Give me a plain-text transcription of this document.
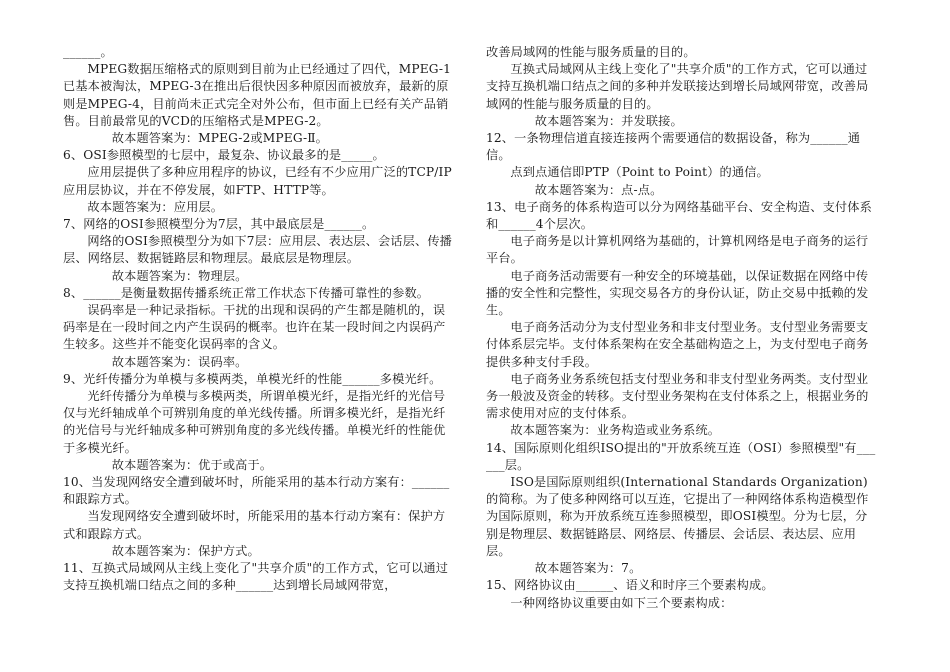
______。

MPEG数据压缩格式的原则到目前为止已经通过了四代，MPEG-1已基本被淘汰，MPEG-3在推出后很快因多种原因而被放弃，最新的原则是MPEG-4，目前尚未正式完全对外公布，但市面上已经有关产品销售。目前最常见的VCD的压缩格式是MPEG-2。

故本题答案为：MPEG-2或MPEG-Ⅱ。

6、OSI参照模型的七层中，最复杂、协议最多的是_____。

应用层提供了多种应用程序的协议，已经有不少应用广泛的TCP/IP应用层协议，并在不停发展，如FTP、HTTP等。

故本题答案为：应用层。

7、网络的OSI参照模型分为7层，其中最底层是______。

网络的OSI参照模型分为如下7层：应用层、表达层、会话层、传播层、网络层、数据链路层和物理层。最底层是物理层。

故本题答案为：物理层。

8、______是衡量数据传播系统正常工作状态下传播可靠性的参数。

误码率是一种记录指标。干扰的出现和误码的产生都是随机的，误码率是在一段时间之内产生误码的概率。也许在某一段时间之内误码产生较多。这些并不能变化误码率的含义。

故本题答案为：误码率。

9、光纤传播分为单模与多模两类，单模光纤的性能______多模光纤。

光纤传播分为单模与多模两类，所谓单模光纤，是指光纤的光信号仅与光纤轴成单个可辨别角度的单光线传播。所谓多模光纤，是指光纤的光信号与光纤轴成多种可辨别角度的多光线传播。单模光纤的性能优于多模光纤。

故本题答案为：优于或高于。

10、当发现网络安全遭到破坏时，所能采用的基本行动方案有：______和跟踪方式。

当发现网络安全遭到破坏时，所能采用的基本行动方案有：保护方式和跟踪方式。

故本题答案为：保护方式。

11、互换式局域网从主线上变化了"共享介质"的工作方式，它可以通过支持互换机端口结点之间的多种______达到增长局域网带宽，

改善局域网的性能与服务质量的目的。

互换式局域网从主线上变化了"共享介质"的工作方式，它可以通过支持互换机端口结点之间的多种并发联接达到增长局域网带宽，改善局域网的性能与服务质量的目的。

故本题答案为：并发联接。

12、一条物理信道直接连接两个需要通信的数据设备，称为______通信。

点到点通信即PTP（Point to Point）的通信。

故本题答案为：点-点。

13、电子商务的体系构造可以分为网络基础平台、安全构造、支付体系和______4个层次。

电子商务是以计算机网络为基础的，计算机网络是电子商务的运行平台。

电子商务活动需要有一种安全的环境基础，以保证数据在网络中传播的安全性和完整性，实现交易各方的身份认证，防止交易中抵赖的发生。

电子商务活动分为支付型业务和非支付型业务。支付型业务需要支付体系层完毕。支付体系架构在安全基础构造之上，为支付型电子商务提供多种支付手段。

电子商务业务系统包括支付型业务和非支付型业务两类。支付型业务一般波及资金的转移。支付型业务架构在支付体系之上，根据业务的需求使用对应的支付体系。

故本题答案为：业务构造或业务系统。

14、国际原则化组织ISO提出的"开放系统互连（OSI）参照模型"有______层。

ISO是国际原则组织(International Standards Organization)的简称。为了使多种网络可以互连，它提出了一种网络体系构造模型作为国际原则，称为开放系统互连参照模型，即OSI模型。分为七层，分别是物理层、数据链路层、网络层、传播层、会话层、表达层、应用层。

故本题答案为：7。

15、网络协议由______、语义和时序三个要素构成。

一种网络协议重要由如下三个要素构成：
